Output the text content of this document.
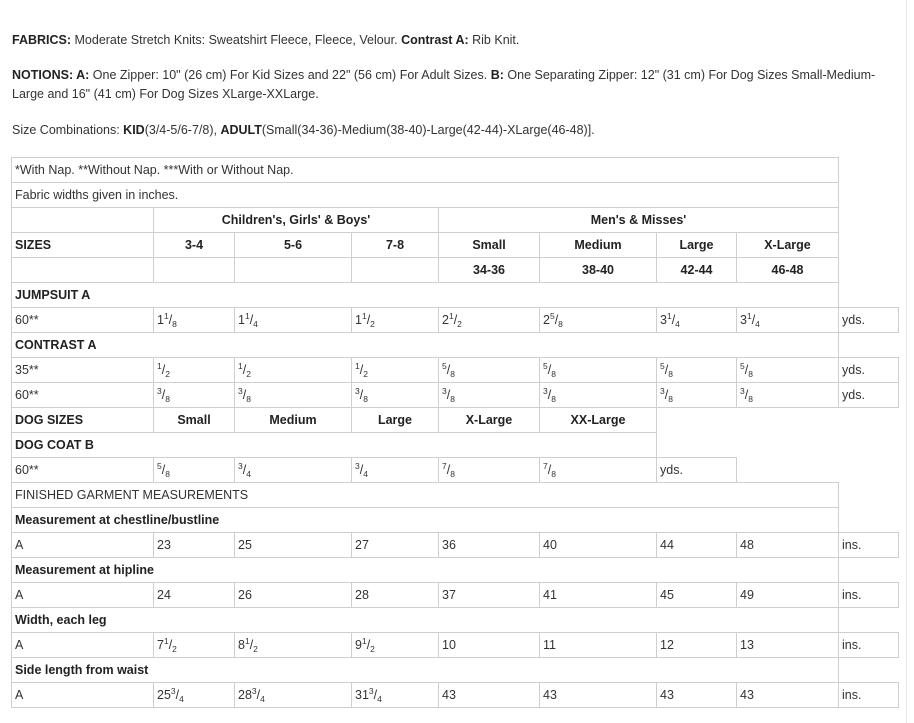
FABRICS: Moderate Stretch Knits: Sweatshirt Fleece, Fleece, Velour. Contrast A: Rib Knit.
NOTIONS: A: One Zipper: 10" (26 cm) For Kid Sizes and 22" (56 cm) For Adult Sizes. B: One Separating Zipper: 12" (31 cm) For Dog Sizes Small-Medium-Large and 16" (41 cm) For Dog Sizes XLarge-XXLarge.
Size Combinations: KID(3/4-5/6-7/8), ADULT(Small(34-36)-Medium(38-40)-Large(42-44)-XLarge(46-48)].
*With Nap. **Without Nap. ***With or Without Nap.								
Fabric widths given in inches.								
	Children's, Girls' & Boys'			Men's & Misses'				
SIZES	3-4	5-6	7-8	Small	Medium	Large	X-Large	
				34-36	38-40	42-44	46-48	
JUMPSUIT A								
60**	$1^1/_8$	$1^1/_4$	$1^1/_2$	$2^1/_2$	$2^5/_8$	$3^1/_4$	$3^1/_4$	yds.
CONTRAST A								
35**	$^1/_2$	$^1/_2$	$^1/_2$	$^5/_8$	$^5/_8$	$^5/_8$	$^5/_8$	yds.
60**	$^3/_8$	$^3/_8$	$^3/_8$	$^3/_8$	$^3/_8$	$^3/_8$	$^3/_8$	yds.
DOG SIZES	Small	Medium	Large	X-Large	XX-Large			
DOG COAT B								
60**	$^5/_8$	$^3/_4$	$^3/_4$	$^7/_8$	$^7/_8$	yds.		
FINISHED GARMENT MEASUREMENTS								
Measurement at chestline/bustline								
A	23	25	27	36	40	44	48	ins.
Measurement at hipline								
A	24	26	28	37	41	45	49	ins.
Width, each leg								
A	$7^1/_2$	$8^1/_2$	$9^1/_2$	10	11	12	13	ins.
Side length from waist								
A	$25^3/_4$	$28^3/_4$	$31^3/_4$	43	43	43	43	ins.
